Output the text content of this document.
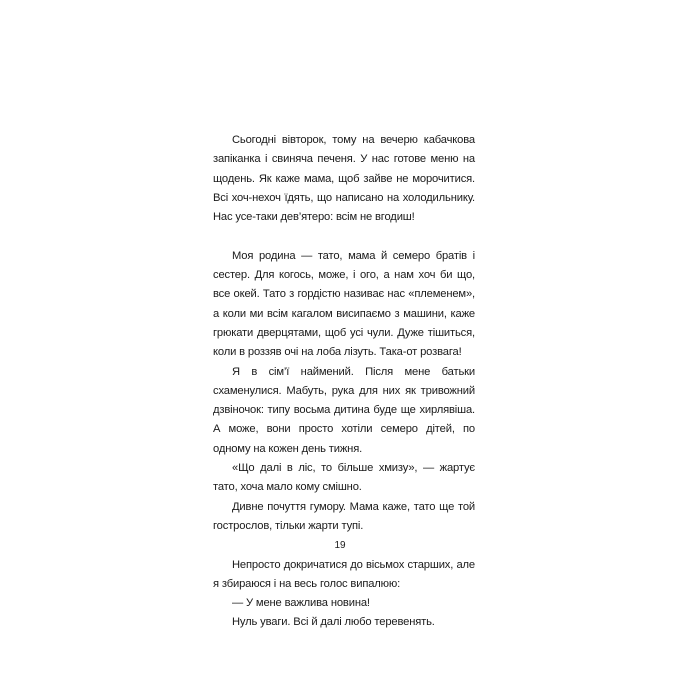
Сьогодні вівторок, тому на вечерю кабачкова запіканка і свиняча печеня. У нас готове меню на щодень. Як каже мама, щоб зайве не морочитися. Всі хоч-нехоч їдять, що написано на холодильнику. Нас усе-таки дев’ятеро: всім не вгодиш!

Моя родина — тато, мама й семеро братів і сестер. Для когось, може, і ого, а нам хоч би що, все окей. Тато з гордістю називає нас «племенем», а коли ми всім кагалом висипаємо з машини, каже грюкати дверцятами, щоб усі чули. Дуже тішиться, коли в роззяв очі на лоба лізуть. Така-от розвага!

Я в сім’ї наймений. Після мене батьки схаменулися. Мабуть, рука для них як тривожний дзвіночок: типу восьма дитина буде ще хирлявіша. А може, вони просто хотіли семеро дітей, по одному на кожен день тижня.

«Що далі в ліс, то більше хмизу», — жартує тато, хоча мало кому смішно.

Дивне почуття гумору. Мама каже, тато ще той гострослов, тільки жарти тупі.

Непросто докричатися до вісьмох старших, але я збираюся і на весь голос випалюю:

— У мене важлива новина!

Нуль уваги. Всі й далі любо теревенять.

19
